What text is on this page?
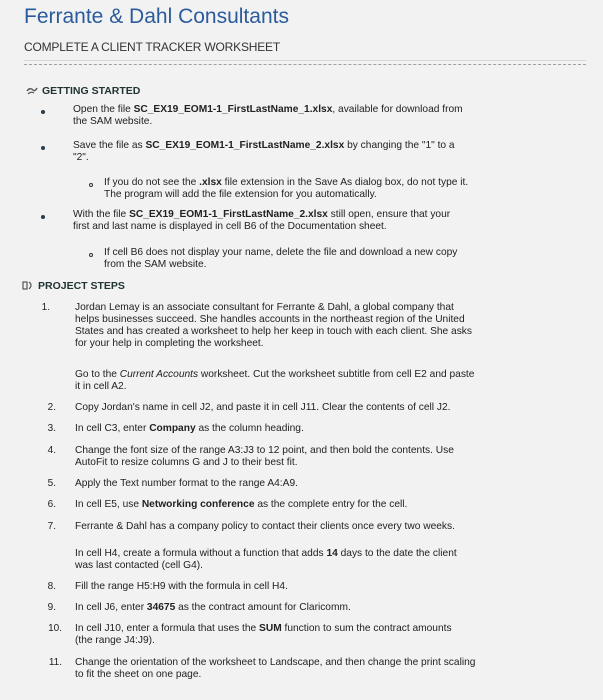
Ferrante & Dahl Consultants
COMPLETE A CLIENT TRACKER WORKSHEET
GETTING STARTED
Open the file SC_EX19_EOM1-1_FirstLastName_1.xlsx, available for download from
the SAM website.
Save the file as SC_EX19_EOM1-1_FirstLastName_2.xlsx by changing the "1" to a
"2".
If you do not see the .xlsx file extension in the Save As dialog box, do not type it.
The program will add the file extension for you automatically.
With the file SC_EX19_EOM1-1_FirstLastName_2.xlsx still open, ensure that your
first and last name is displayed in cell B6 of the Documentation sheet.
If cell B6 does not display your name, delete the file and download a new copy
from the SAM website.
PROJECT STEPS
1. Jordan Lemay is an associate consultant for Ferrante & Dahl, a global company that
helps businesses succeed. She handles accounts in the northeast region of the United
States and has created a worksheet to help her keep in touch with each client. She asks
for your help in completing the worksheet.
Go to the Current Accounts worksheet. Cut the worksheet subtitle from cell E2 and paste
it in cell A2.
2. Copy Jordan's name in cell J2, and paste it in cell J11. Clear the contents of cell J2.
3. In cell C3, enter Company as the column heading.
4. Change the font size of the range A3:J3 to 12 point, and then bold the contents. Use
AutoFit to resize columns G and J to their best fit.
5. Apply the Text number format to the range A4:A9.
6. In cell E5, use Networking conference as the complete entry for the cell.
7. Ferrante & Dahl has a company policy to contact their clients once every two weeks.
In cell H4, create a formula without a function that adds 14 days to the date the client
was last contacted (cell G4).
8. Fill the range H5:H9 with the formula in cell H4.
9. In cell J6, enter 34675 as the contract amount for Claricomm.
10. In cell J10, enter a formula that uses the SUM function to sum the contract amounts
(the range J4:J9).
11. Change the orientation of the worksheet to Landscape, and then change the print scaling
to fit the sheet on one page.
